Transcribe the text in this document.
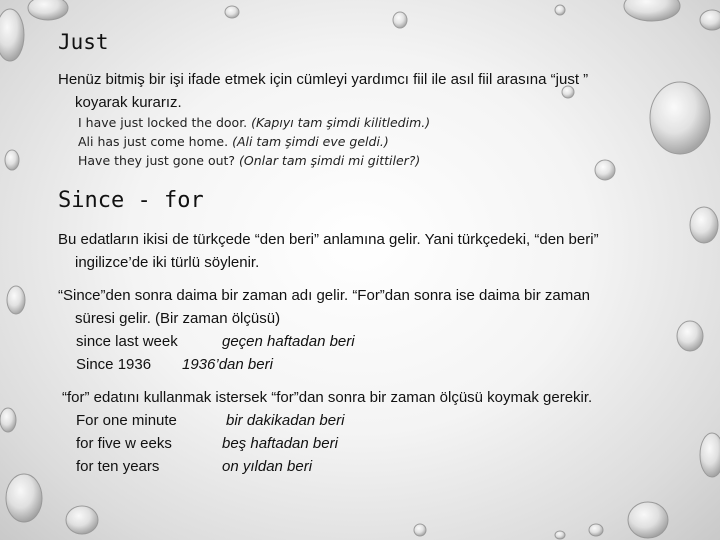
Just

Henüz bitmiş bir işi ifade etmek için cümleyi yardımcı fiil ile asıl fiil arasına “just ”
koyarak kurarız.

I have just locked the door. (Kapıyı tam şimdi kilitledim.)
Ali has just come home. (Ali tam şimdi eve geldi.)
Have they just gone out? (Onlar tam şimdi mi gittiler?)
Since - for

Bu edatların ikisi de türkçede “den beri” anlamına gelir. Yani türkçedeki, “den beri”
ingilizce’de iki türlü söylenir.

“Since”den sonra daima bir zaman adı gelir. “For”dan sonra ise daima bir zaman
süresi gelir. (Bir zaman ölçüsü)

since last week	geçen haftadan beri
Since 1936 1936’dan beri

“for” edatını kullanmak istersek “for”dan sonra bir zaman ölçüsü koymak gerekir.

For one minute	bir dakikadan beri
for five w eeks	beş haftadan beri
for ten years	on yıldan beri
